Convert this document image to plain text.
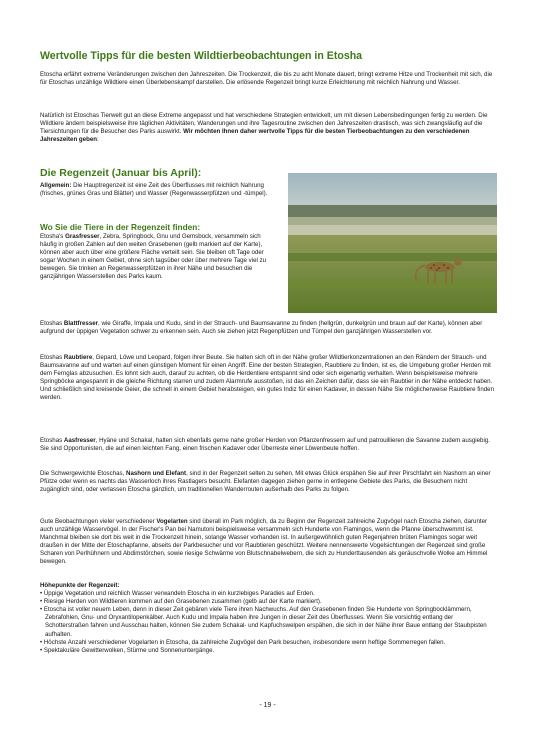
Wertvolle Tipps für die besten Wildtierbeobachtungen in Etosha
Etoscha erfährt extreme Veränderungen zwischen den Jahreszeiten. Die Trockenzeit, die bis zu acht Monate dauert, bringt extreme Hitze und Trockenheit mit sich, die für Etoschas unzählige Wildtiere einen Überlebenskampf darstellen. Die erlösende Regenzeit bringt kurze Erleichterung mit reichlich Nahrung und Wasser.
Natürlich ist Etoschas Tierwelt gut an diese Extreme angepasst und hat verschiedene Strategien entwickelt, um mit diesen Lebensbedingungen fertig zu werden. Die Wildtiere ändern beispielsweise ihre täglichen Aktivitäten, Wanderungen und ihre Tagesroutine zwischen den Jahreszeiten drastisch, was sich zwangsläufig auf die Tiersichtungen für die Besucher des Parks auswirkt. Wir möchten Ihnen daher wertvolle Tipps für die besten Tierbeobachtungen zu den verschiedenen Jahreszeiten geben:
Die Regenzeit (Januar bis April):
Allgemein: Die Hauptregenzeit ist eine Zeit des Überflusses mit reichlich Nahrung (frisches, grünes Gras und Blätter) und Wasser (Regenwasserpfützen und -tümpel).
Wo Sie die Tiere in der Regenzeit finden:
Etosha's Grasfresser, Zebra, Springbock, Gnu und Gemsbock, versammeln sich häufig in großen Zahlen auf den weiten Grasebenen (gelb markiert auf der Karte), können aber auch über eine größere Fläche verteilt sein. Sie bleiben oft Tage oder sogar Wochen in einem Gebiet, ohne sich tagsüber oder über mehrere Tage viel zu bewegen. Sie trinken an Regenwasserpfützen in ihrer Nähe und besuchen die ganzjährigen Wasserstellen des Parks kaum.
Etoshas Blattfresser, wie Giraffe, Impala und Kudu, sind in der Strauch- und Baumsavanne zu finden (hellgrün, dunkelgrün und braun auf der Karte), können aber aufgrund der üppigen Vegetation schwer zu erkennen sein. Auch sie ziehen jetzt Regenpfützen und Tümpel den ganzjährigen Wasserstellen vor.
Etoshas Raubtiere, Gepard, Löwe und Leopard, folgen ihrer Beute. Sie halten sich oft in der Nähe großer Wildtierkonzentrationen an den Rändern der Strauch- und Baumsavanne auf und warten auf einen günstigen Moment für einen Angriff. Eine der besten Strategien, Raubtiere zu finden, ist es, die Umgebung großer Herden mit dem Fernglas abzusuchen. Es lohnt sich auch, darauf zu achten, ob die Herdentiere entspannt sind oder sich eigenartig verhalten. Wenn beispielsweise mehrere Springböcke angespannt in die gleiche Richtung starren und zudem Alarmrufe ausstoßen, ist das ein Zeichen dafür, dass sie ein Raubtier in der Nähe entdeckt haben. Und schließlich sind kreisende Geier, die schnell in einem Gebiet herabsteigen, ein gutes Indiz für einen Kadaver, in dessen Nähe Sie möglicherweise Raubtiere finden werden.
Etoshas Aasfresser, Hyäne und Schakal, halten sich ebenfalls gerne nahe großer Herden von Pflanzenfressern auf und patrouillieren die Savanne zudem ausgiebig. Sie sind Opportunisten, die auf einen leichten Fang, einen frischen Kadaver oder Überreste einer Löwenbeute hoffen.
Die Schwergewichte Etoschas, Nashorn und Elefant, sind in der Regenzeit selten zu sehen. Mit etwas Glück erspähen Sie auf ihrer Pirschfahrt ein Nashorn an einer Pfütze oder wenn es nachts das Wasserloch ihres Rastlagers besucht. Elefanten dagegen ziehen gerne in entlegene Gebiete des Parks, die Besuchern nicht zugänglich sind, oder verlassen Etoscha gänzlich, um traditionellen Wanderrouten außerhalb des Parks zu folgen.
Gute Beobachtungen vieler verschiedener Vogelarten sind überall im Park möglich, da zu Beginn der Regenzeit zahlreiche Zugvögel nach Etoscha ziehen, darunter auch unzählige Wasservögel. In der Fischer's Pan bei Namutoni beispielsweise versammeln sich Hunderte von Flamingos, wenn die Pfanne überschwemmt ist. Manchmal bleiben sie dort bis weit in die Trockenzeit hinein, solange Wasser vorhanden ist. In außergewöhnlich guten Regenjahren brüten Flamingos sogar weit draußen in der Mitte der Etoschapfanne, abseits der Parkbesucher und vor Raubtieren geschützt. Weitere nennenswerte Vogelsichtungen der Regenzeit sind große Scharen von Perlhühnern und Abdimstörchen, sowie riesige Schwärme von Blutschnabelwebern, die sich zu Hunderttausenden als geräuschvolle Wolke am Himmel bewegen.
Höhepunkte der Regenzeit:
• Üppige Vegetation und reichlich Wasser verwandeln Etoscha in ein kurzlebiges Paradies auf Erden.
• Riesige Herden von Wildtieren kommen auf den Grasebenen zusammen (gelb auf der Karte markiert).
• Etoscha ist voller neuem Leben, denn in dieser Zeit gebären viele Tiere ihren Nachwuchs. Auf den Grasebenen finden Sie Hunderte von Springbocklämmern, Zebrafohlen, Gnu- und Oryxantilopenkälber. Auch Kudu und Impala haben ihre Jungen in dieser Zeit des Überflusses. Wenn Sie vorsichtig entlang der Schotterstraßen fahren und Ausschau halten, können Sie zudem Schakal- und Kapfuchswelpen erspähen, die sich in der Nähe ihrer Baue entlang der Staubpisten aufhalten.
• Höchste Anzahl verschiedener Vogelarten in Etoscha, da zahlreiche Zugvögel den Park besuchen, insbesondere wenn heftige Sommerregen fallen.
• Spektakuläre Gewitterwolken, Stürme und Sonnenuntergänge.
- 19 -
